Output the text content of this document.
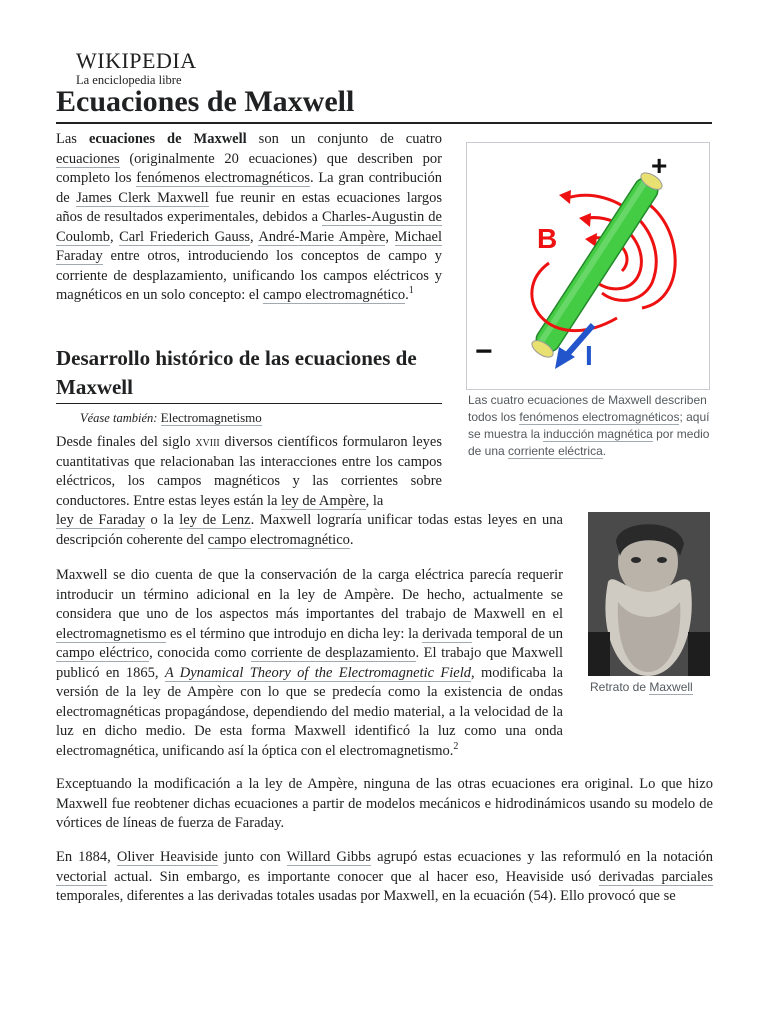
WIKIPEDIA
La enciclopedia libre
Ecuaciones de Maxwell

Las ecuaciones de Maxwell son un conjunto de cuatro ecuaciones (originalmente 20 ecuaciones) que describen por completo los fenómenos electromagnéticos. La gran contribución de James Clerk Maxwell fue reunir en estas ecuaciones largos años de resultados experimentales, debidos a Charles-Augustin de Coulomb, Carl Friederich Gauss, André-Marie Ampère, Michael Faraday entre otros, introduciendo los conceptos de campo y corriente de desplazamiento, unificando los campos eléctricos y magnéticos en un solo concepto: el campo electromagnético.$^1$

+
−
B
I
Las cuatro ecuaciones de Maxwell describen todos los fenómenos electromagnéticos; aquí se muestra la inducción magnética por medio de una corriente eléctrica.
Desarrollo histórico de las ecuaciones de Maxwell
Véase también: Electromagnetismo

Desde finales del siglo xviii diversos científicos formularon leyes cuantitativas que relacionaban las interacciones entre los campos eléctricos, los campos magnéticos y las corrientes sobre conductores. Entre estas leyes están la ley de Ampère, la

ley de Faraday o la ley de Lenz. Maxwell lograría unificar todas estas leyes en una descripción coherente del campo electromagnético.

Retrato de Maxwell

Maxwell se dio cuenta de que la conservación de la carga eléctrica parecía requerir introducir un término adicional en la ley de Ampère. De hecho, actualmente se considera que uno de los aspectos más importantes del trabajo de Maxwell en el electromagnetismo es el término que introdujo en dicha ley: la derivada temporal de un campo eléctrico, conocida como corriente de desplazamiento. El trabajo que Maxwell publicó en 1865, A Dynamical Theory of the Electromagnetic Field, modificaba la versión de la ley de Ampère con lo que se predecía como la existencia de ondas electromagnéticas propagándose, dependiendo del medio material, a la velocidad de la luz en dicho medio. De esta forma Maxwell identificó la luz como una onda electromagnética, unificando así la óptica con el electromagnetismo.$^2$

Exceptuando la modificación a la ley de Ampère, ninguna de las otras ecuaciones era original. Lo que hizo Maxwell fue reobtener dichas ecuaciones a partir de modelos mecánicos e hidrodinámicos usando su modelo de vórtices de líneas de fuerza de Faraday.

En 1884, Oliver Heaviside junto con Willard Gibbs agrupó estas ecuaciones y las reformuló en la notación vectorial actual. Sin embargo, es importante conocer que al hacer eso, Heaviside usó derivadas parciales temporales, diferentes a las derivadas totales usadas por Maxwell, en la ecuación (54). Ello provocó que se
